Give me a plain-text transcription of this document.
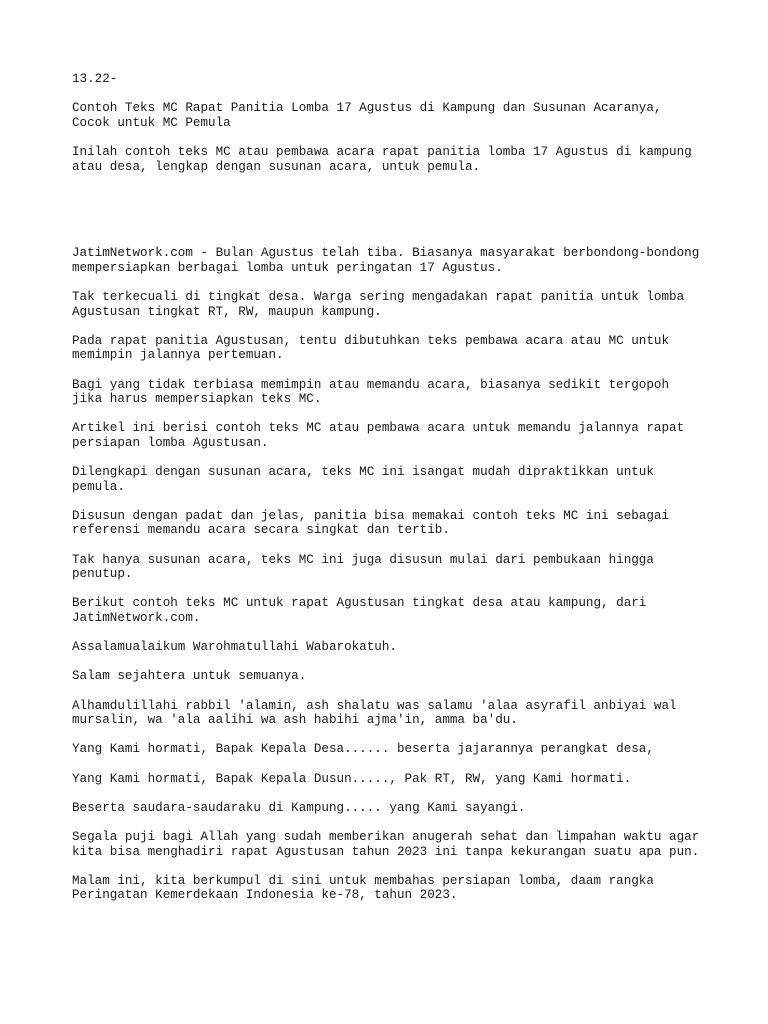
13.22-

Contoh Teks MC Rapat Panitia Lomba 17 Agustus di Kampung dan Susunan Acaranya,
Cocok untuk MC Pemula

Inilah contoh teks MC atau pembawa acara rapat panitia lomba 17 Agustus di kampung
atau desa, lengkap dengan susunan acara, untuk pemula.

JatimNetwork.com - Bulan Agustus telah tiba. Biasanya masyarakat berbondong-bondong
mempersiapkan berbagai lomba untuk peringatan 17 Agustus.

Tak terkecuali di tingkat desa. Warga sering mengadakan rapat panitia untuk lomba
Agustusan tingkat RT, RW, maupun kampung.

Pada rapat panitia Agustusan, tentu dibutuhkan teks pembawa acara atau MC untuk
memimpin jalannya pertemuan.

Bagi yang tidak terbiasa memimpin atau memandu acara, biasanya sedikit tergopoh
jika harus mempersiapkan teks MC.

Artikel ini berisi contoh teks MC atau pembawa acara untuk memandu jalannya rapat
persiapan lomba Agustusan.

Dilengkapi dengan susunan acara, teks MC ini isangat mudah dipraktikkan untuk
pemula.

Disusun dengan padat dan jelas, panitia bisa memakai contoh teks MC ini sebagai
referensi memandu acara secara singkat dan tertib.

Tak hanya susunan acara, teks MC ini juga disusun mulai dari pembukaan hingga
penutup.

Berikut contoh teks MC untuk rapat Agustusan tingkat desa atau kampung, dari
JatimNetwork.com.

Assalamualaikum Warohmatullahi Wabarokatuh.

Salam sejahtera untuk semuanya.

Alhamdulillahi rabbil 'alamin, ash shalatu was salamu 'alaa asyrafil anbiyai wal
mursalin, wa 'ala aalihi wa ash habihi ajma'in, amma ba'du.

Yang Kami hormati, Bapak Kepala Desa...... beserta jajarannya perangkat desa,

Yang Kami hormati, Bapak Kepala Dusun....., Pak RT, RW, yang Kami hormati.

Beserta saudara-saudaraku di Kampung..... yang Kami sayangi.

Segala puji bagi Allah yang sudah memberikan anugerah sehat dan limpahan waktu agar
kita bisa menghadiri rapat Agustusan tahun 2023 ini tanpa kekurangan suatu apa pun.

Malam ini, kita berkumpul di sini untuk membahas persiapan lomba, daam rangka
Peringatan Kemerdekaan Indonesia ke-78, tahun 2023.
